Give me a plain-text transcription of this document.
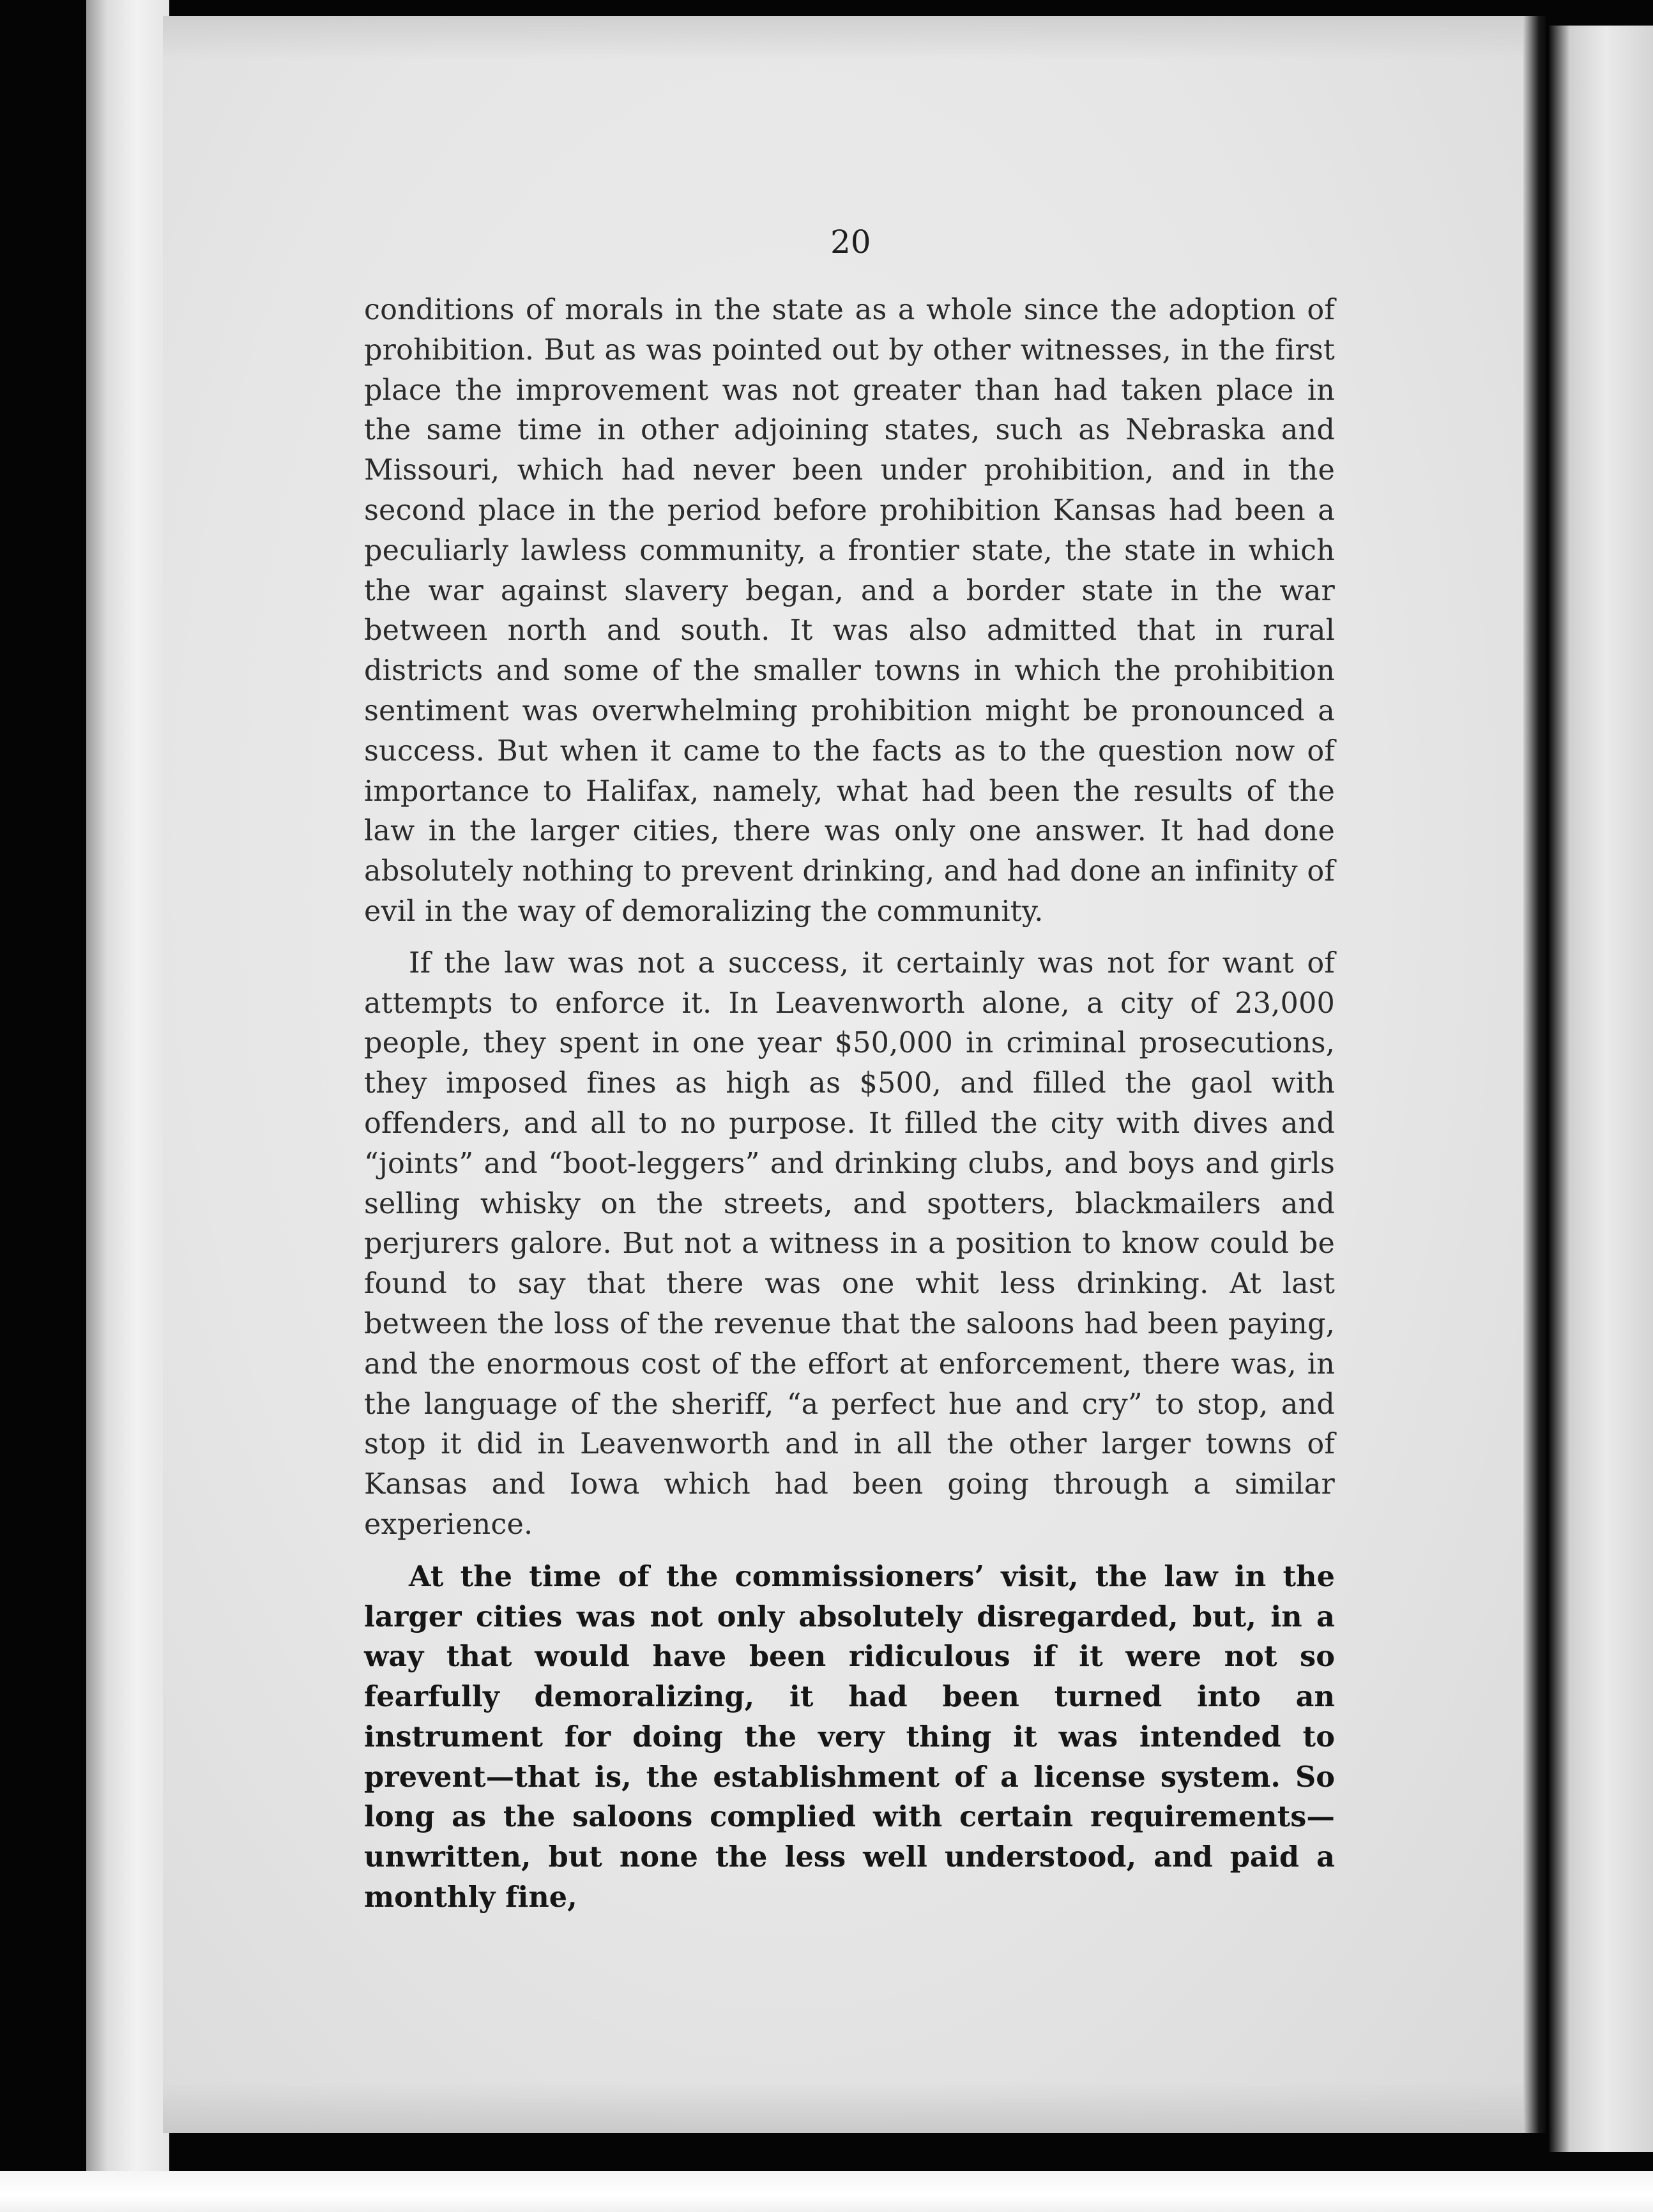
20

conditions of morals in the state as a whole since the adoption of prohibition. But as was pointed out by other witnesses, in the first place the improvement was not greater than had taken place in the same time in other adjoining states, such as Nebraska and Missouri, which had never been under prohibition, and in the second place in the period before prohibition Kansas had been a peculiarly lawless community, a frontier state, the state in which the war against slavery began, and a border state in the war between north and south. It was also admitted that in rural districts and some of the smaller towns in which the prohibition sentiment was overwhelming prohibition might be pronounced a success. But when it came to the facts as to the question now of importance to Halifax, namely, what had been the results of the law in the larger cities, there was only one answer. It had done absolutely nothing to prevent drinking, and had done an infinity of evil in the way of demoralizing the community.

If the law was not a success, it certainly was not for want of attempts to enforce it. In Leavenworth alone, a city of 23,000 people, they spent in one year $50,000 in criminal prosecutions, they imposed fines as high as $500, and filled the gaol with offenders, and all to no purpose. It filled the city with dives and “joints” and “boot-leggers” and drinking clubs, and boys and girls selling whisky on the streets, and spotters, blackmailers and perjurers galore. But not a witness in a position to know could be found to say that there was one whit less drinking. At last between the loss of the revenue that the saloons had been paying, and the enormous cost of the effort at enforcement, there was, in the language of the sheriff, “a perfect hue and cry” to stop, and stop it did in Leavenworth and in all the other larger towns of Kansas and Iowa which had been going through a similar experience.

At the time of the commissioners’ visit, the law in the larger cities was not only absolutely disregarded, but, in a way that would have been ridiculous if it were not so fearfully demoralizing, it had been turned into an instrument for doing the very thing it was intended to prevent—that is, the establishment of a license system. So long as the saloons complied with certain requirements—unwritten, but none the less well understood, and paid a monthly fine,
